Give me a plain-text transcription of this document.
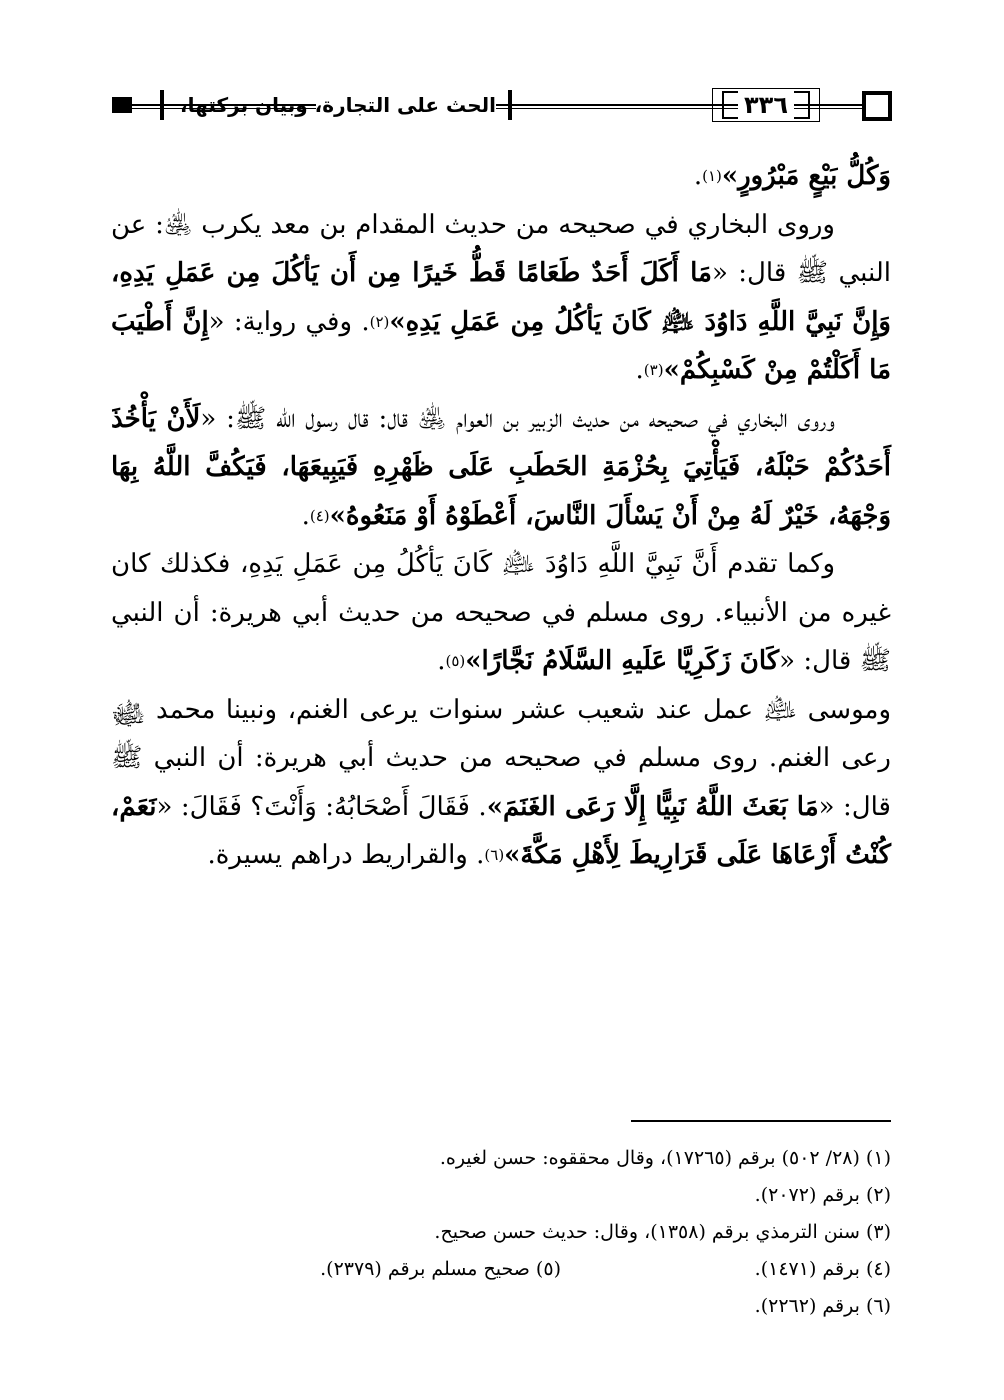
الحث على التجارة، وبيان بركتها،	٣٣٦

وَكُلُّ بَيْعٍ مَبْرُورٍ»$^{(١)}$.

وروى البخاري في صحيحه من حديث المقدام بن معد يكرب ﵁: عن النبي ﷺ قال: «مَا أَكَلَ أَحَدٌ طَعَامًا قَطُّ خَيرًا مِن أَن يَأكُلَ مِن عَمَلِ يَدِهِ، وَإِنَّ نَبِيَّ اللَّهِ دَاوُدَ ﵇ كَانَ يَأكُلُ مِن عَمَلِ يَدِهِ»$^{(٢)}$. وفي رواية: «إِنَّ أَطْيَبَ مَا أَكَلْتُمْ مِنْ كَسْبِكُمْ»$^{(٣)}$.

وروى البخاري في صحيحه من حديث الزبير بن العوام ﵁ قال: قال رسول الله ﷺ: «لَأَنْ يَأْخُذَ أَحَدُكُمْ حَبْلَهُ، فَيَأْتِيَ بِحُزْمَةِ الحَطَبِ عَلَى ظَهْرِهِ فَيَبِيعَهَا، فَيَكُفَّ اللَّهُ بِهَا وَجْهَهُ، خَيْرٌ لَهُ مِنْ أَنْ يَسْأَلَ النَّاسَ، أَعْطَوْهُ أَوْ مَنَعُوهُ»$^{(٤)}$.

وكما تقدم أَنَّ نَبِيَّ اللَّهِ دَاوُدَ ﵇ كَانَ يَأكُلُ مِن عَمَلِ يَدِهِ، فكذلك كان غيره من الأنبياء. روى مسلم في صحيحه من حديث أبي هريرة: أن النبي ﷺ قال: «كَانَ زَكَرِيَّا عَلَيهِ السَّلَامُ نَجَّارًا»$^{(٥)}$.

وموسى ﵇ عمل عند شعيب عشر سنوات يرعى الغنم، ونبينا محمد ﵊ رعى الغنم. روى مسلم في صحيحه من حديث أبي هريرة: أن النبي ﷺ قال: «مَا بَعَثَ اللَّهُ نَبِيًّا إِلَّا رَعَى الغَنَمَ». فَقَالَ أَصْحَابُهُ: وَأَنْتَ؟ فَقَالَ: «نَعَمْ، كُنْتُ أَرْعَاهَا عَلَى قَرَارِيطَ لِأَهْلِ مَكَّةَ»$^{(٦)}$. والقراريط دراهم يسيرة.

(١) (٢٨/ ٥٠٢) برقم (١٧٢٦٥)، وقال محققوه: حسن لغيره.
(٢) برقم (٢٠٧٢).
(٣) سنن الترمذي برقم (١٣٥٨)، وقال: حديث حسن صحيح.
(٤) برقم (١٤٧١).
(٥) صحيح مسلم برقم (٢٣٧٩).
(٦) برقم (٢٢٦٢).
